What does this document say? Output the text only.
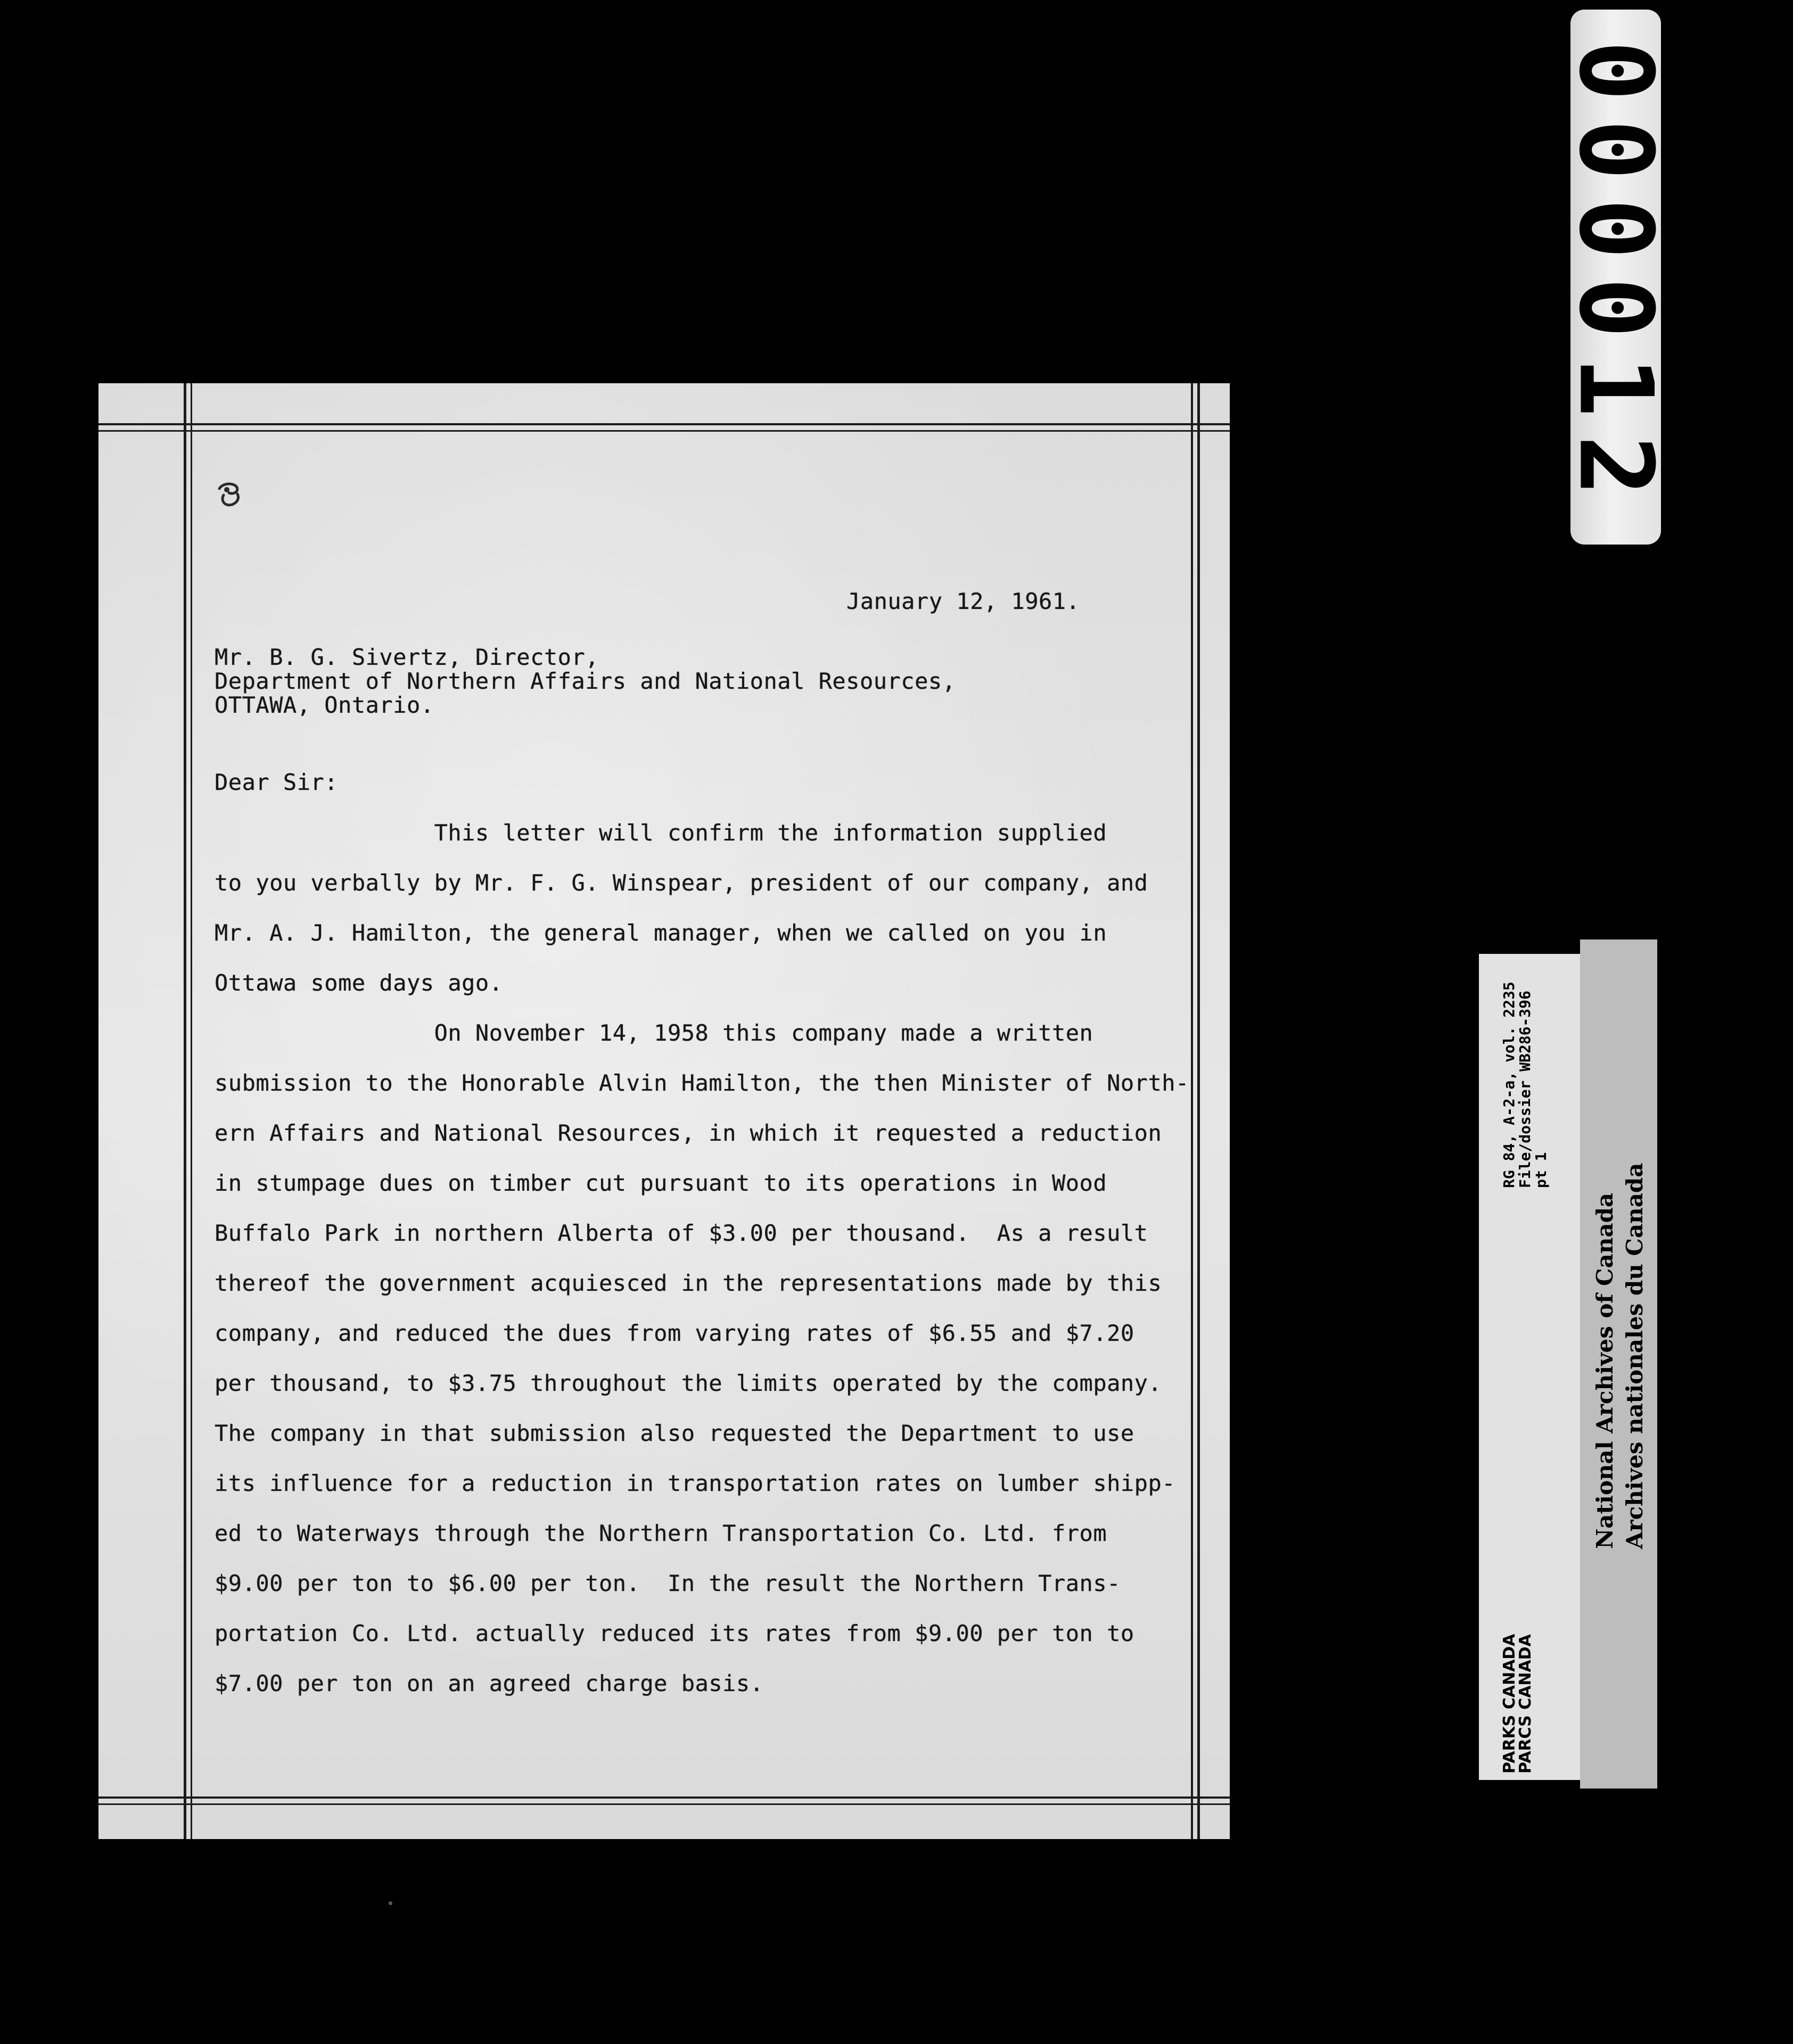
000012
January 12, 1961.
Mr. B. G. Sivertz, Director,
Department of Northern Affairs and National Resources,
OTTAWA, Ontario.
Dear Sir:
This letter will confirm the information supplied
to you verbally by Mr. F. G. Winspear, president of our company, and
Mr. A. J. Hamilton, the general manager, when we called on you in
Ottawa some days ago.
On November 14, 1958 this company made a written
submission to the Honorable Alvin Hamilton, the then Minister of North-
ern Affairs and National Resources, in which it requested a reduction
in stumpage dues on timber cut pursuant to its operations in Wood
Buffalo Park in northern Alberta of $3.00 per thousand.  As a result
thereof the government acquiesced in the representations made by this
company, and reduced the dues from varying rates of $6.55 and $7.20
per thousand, to $3.75 throughout the limits operated by the company.
The company in that submission also requested the Department to use
its influence for a reduction in transportation rates on lumber shipp-
ed to Waterways through the Northern Transportation Co. Ltd. from
$9.00 per ton to $6.00 per ton.  In the result the Northern Trans-
portation Co. Ltd. actually reduced its rates from $9.00 per ton to
$7.00 per ton on an agreed charge basis.	PARKS CANADA
PARCS CANADA
RG 84, A-2-a, vol. 2235
File/dossier WB286-396
pt 1
National Archives of Canada Archives nationales du Canada
